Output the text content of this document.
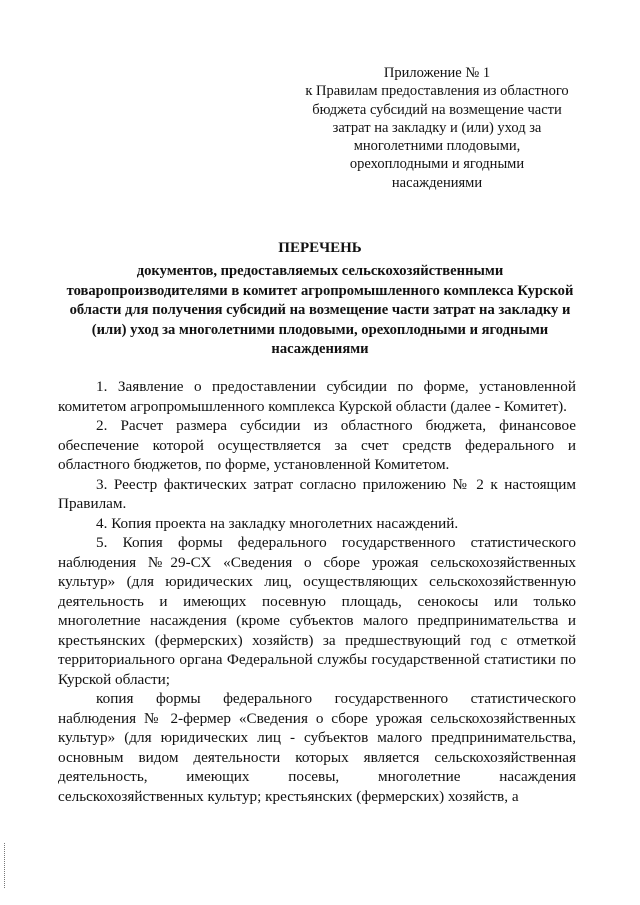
Приложение № 1
к Правилам предоставления из областного
бюджета субсидий на возмещение части
затрат на закладку и (или) уход за
многолетними плодовыми,
орехоплодными и ягодными
насаждениями
ПЕРЕЧЕНЬ
документов, предоставляемых сельскохозяйственными товаропроизводителями в комитет агропромышленного комплекса Курской области для получения субсидий на возмещение части затрат на закладку и (или) уход за многолетними плодовыми, орехоплодными и ягодными насаждениями

1. Заявление о предоставлении субсидии по форме, установленной комитетом агропромышленного комплекса Курской области (далее - Комитет).

2. Расчет размера субсидии из областного бюджета, финансовое обеспечение которой осуществляется за счет средств федерального и областного бюджетов, по форме, установленной Комитетом.

3. Реестр фактических затрат согласно приложению № 2 к настоящим Правилам.

4. Копия проекта на закладку многолетних насаждений.

5. Копия формы федерального государственного статистического наблюдения №29-СХ «Сведения о сборе урожая сельскохозяйственных культур» (для юридических лиц, осуществляющих сельскохозяйственную деятельность и имеющих посевную площадь, сенокосы или только многолетние насаждения (кроме субъектов малого предпринимательства и крестьянских (фермерских) хозяйств) за предшествующий год с отметкой территориального органа Федеральной службы государственной статистики по Курской области;

копия формы федерального государственного статистического наблюдения № 2-фермер «Сведения о сборе урожая сельскохозяйственных культур» (для юридических лиц - субъектов малого предпринимательства, основным видом деятельности которых является сельскохозяйственная деятельность, имеющих посевы, многолетние насаждения сельскохозяйственных культур; крестьянских (фермерских) хозяйств, а
